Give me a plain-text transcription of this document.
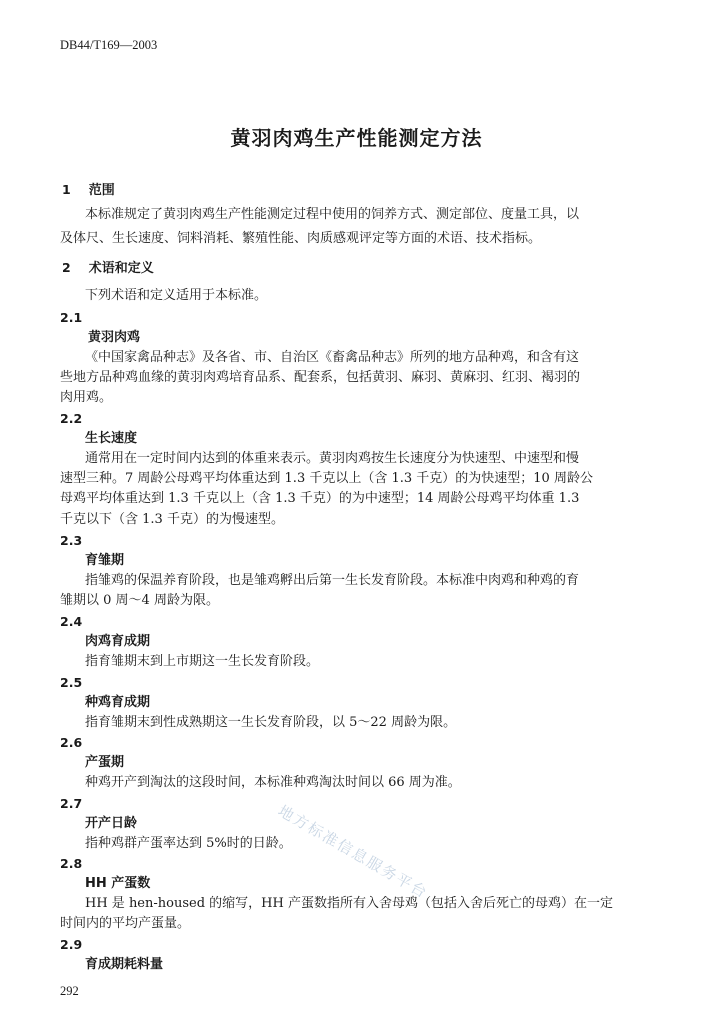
DB44/T169—2003
黄羽肉鸡生产性能测定方法
1 范围
本标准规定了黄羽肉鸡生产性能测定过程中使用的饲养方式、测定部位、度量工具，以
及体尺、生长速度、饲料消耗、繁殖性能、肉质感观评定等方面的术语、技术指标。
2 术语和定义
下列术语和定义适用于本标准。
2.1
黄羽肉鸡
《中国家禽品种志》及各省、市、自治区《畜禽品种志》所列的地方品种鸡，和含有这
些地方品种鸡血缘的黄羽肉鸡培育品系、配套系，包括黄羽、麻羽、黄麻羽、红羽、褐羽的
肉用鸡。
2.2
生长速度
通常用在一定时间内达到的体重来表示。黄羽肉鸡按生长速度分为快速型、中速型和慢
速型三种。7 周龄公母鸡平均体重达到 1.3 千克以上（含 1.3 千克）的为快速型；10 周龄公
母鸡平均体重达到 1.3 千克以上（含 1.3 千克）的为中速型；14 周龄公母鸡平均体重 1.3
千克以下（含 1.3 千克）的为慢速型。
2.3
育雏期
指雏鸡的保温养育阶段，也是雏鸡孵出后第一生长发育阶段。本标准中肉鸡和种鸡的育
雏期以 0 周～4 周龄为限。
2.4
肉鸡育成期
指育雏期末到上市期这一生长发育阶段。
2.5
种鸡育成期
指育雏期末到性成熟期这一生长发育阶段，以 5～22 周龄为限。
2.6
产蛋期
种鸡开产到淘汰的这段时间，本标准种鸡淘汰时间以 66 周为准。
2.7
开产日龄
指种鸡群产蛋率达到 5%时的日龄。
2.8
HH 产蛋数
HH 是 hen-housed 的缩写，HH 产蛋数指所有入舍母鸡（包括入舍后死亡的母鸡）在一定
时间内的平均产蛋量。
2.9
育成期耗料量
地方标准信息服务平台
292
